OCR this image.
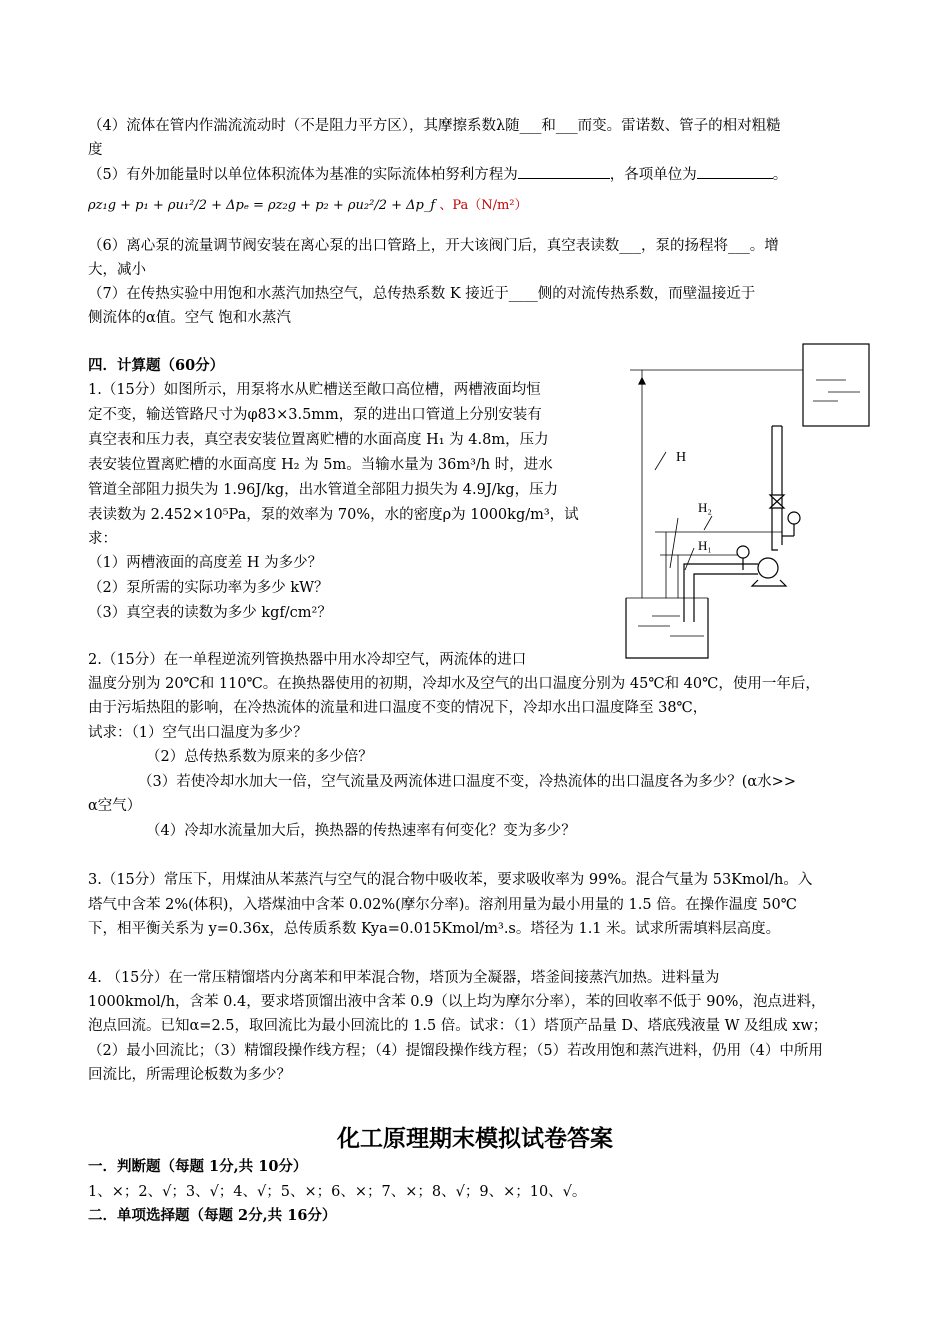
（4）流体在管内作湍流流动时（不是阻力平方区），其摩擦系数λ随___和___而变。雷诺数、管子的相对粗糙
度
（5）有外加能量时以单位体积流体为基准的实际流体柏努利方程为	，各项单位为	。
ρz₁g + p₁ + ρu₁²/2 + Δpₑ = ρz₂g + p₂ + ρu₂²/2 + Δp_f 、Pa（N/m²）
（6）离心泵的流量调节阀安装在离心泵的出口管路上，开大该阀门后，真空表读数___，泵的扬程将___。增
大，减小
（7）在传热实验中用饱和水蒸汽加热空气，总传热系数 K 接近于____侧的对流传热系数，而壁温接近于
侧流体的α值。空气 饱和水蒸汽
四．计算题（60分）
1.（15分）如图所示，用泵将水从贮槽送至敞口高位槽，两槽液面均恒
定不变，输送管路尺寸为φ83×3.5mm，泵的进出口管道上分别安装有
真空表和压力表，真空表安装位置离贮槽的水面高度 H₁ 为 4.8m，压力
表安装位置离贮槽的水面高度 H₂ 为 5m。当输水量为 36m³/h 时，进水
管道全部阻力损失为 1.96J/kg，出水管道全部阻力损失为 4.9J/kg，压力
表读数为 2.452×10⁵Pa，泵的效率为 70%，水的密度ρ为 1000kg/m³，试
求：
（1）两槽液面的高度差 H 为多少？
（2）泵所需的实际功率为多少 kW？
（3）真空表的读数为多少 kgf/cm²？
H
H₂
H₁
2.（15分）在一单程逆流列管换热器中用水冷却空气，两流体的进口
温度分别为 20℃和 110℃。在换热器使用的初期，冷却水及空气的出口温度分别为 45℃和 40℃，使用一年后，
由于污垢热阻的影响，在冷热流体的流量和进口温度不变的情况下，冷却水出口温度降至 38℃，
试求：（1）空气出口温度为多少？
（2）总传热系数为原来的多少倍？
（3）若使冷却水加大一倍，空气流量及两流体进口温度不变，冷热流体的出口温度各为多少？(α水>>
α空气）
（4）冷却水流量加大后，换热器的传热速率有何变化？变为多少？
3.（15分）常压下，用煤油从苯蒸汽与空气的混合物中吸收苯，要求吸收率为 99%。混合气量为 53Kmol/h。入
塔气中含苯 2%(体积)，入塔煤油中含苯 0.02%(摩尔分率)。溶剂用量为最小用量的 1.5 倍。在操作温度 50℃
下，相平衡关系为 y=0.36x，总传质系数 Kya=0.015Kmol/m³.s。塔径为 1.1 米。试求所需填料层高度。
4. （15分）在一常压精馏塔内分离苯和甲苯混合物，塔顶为全凝器，塔釜间接蒸汽加热。进料量为
1000kmol/h，含苯 0.4，要求塔顶馏出液中含苯 0.9（以上均为摩尔分率），苯的回收率不低于 90%，泡点进料，
泡点回流。已知α=2.5，取回流比为最小回流比的 1.5 倍。试求：（1）塔顶产品量 D、塔底残液量 W 及组成 xw；
（2）最小回流比；（3）精馏段操作线方程；（4）提馏段操作线方程；（5）若改用饱和蒸汽进料，仍用（4）中所用
回流比，所需理论板数为多少？
化工原理期末模拟试卷答案
一．判断题（每题 1分,共 10分）
1、×；2、√；3、√；4、√；5、×；6、×；7、×；8、√；9、×；10、√。
二．单项选择题（每题 2分,共 16分）
